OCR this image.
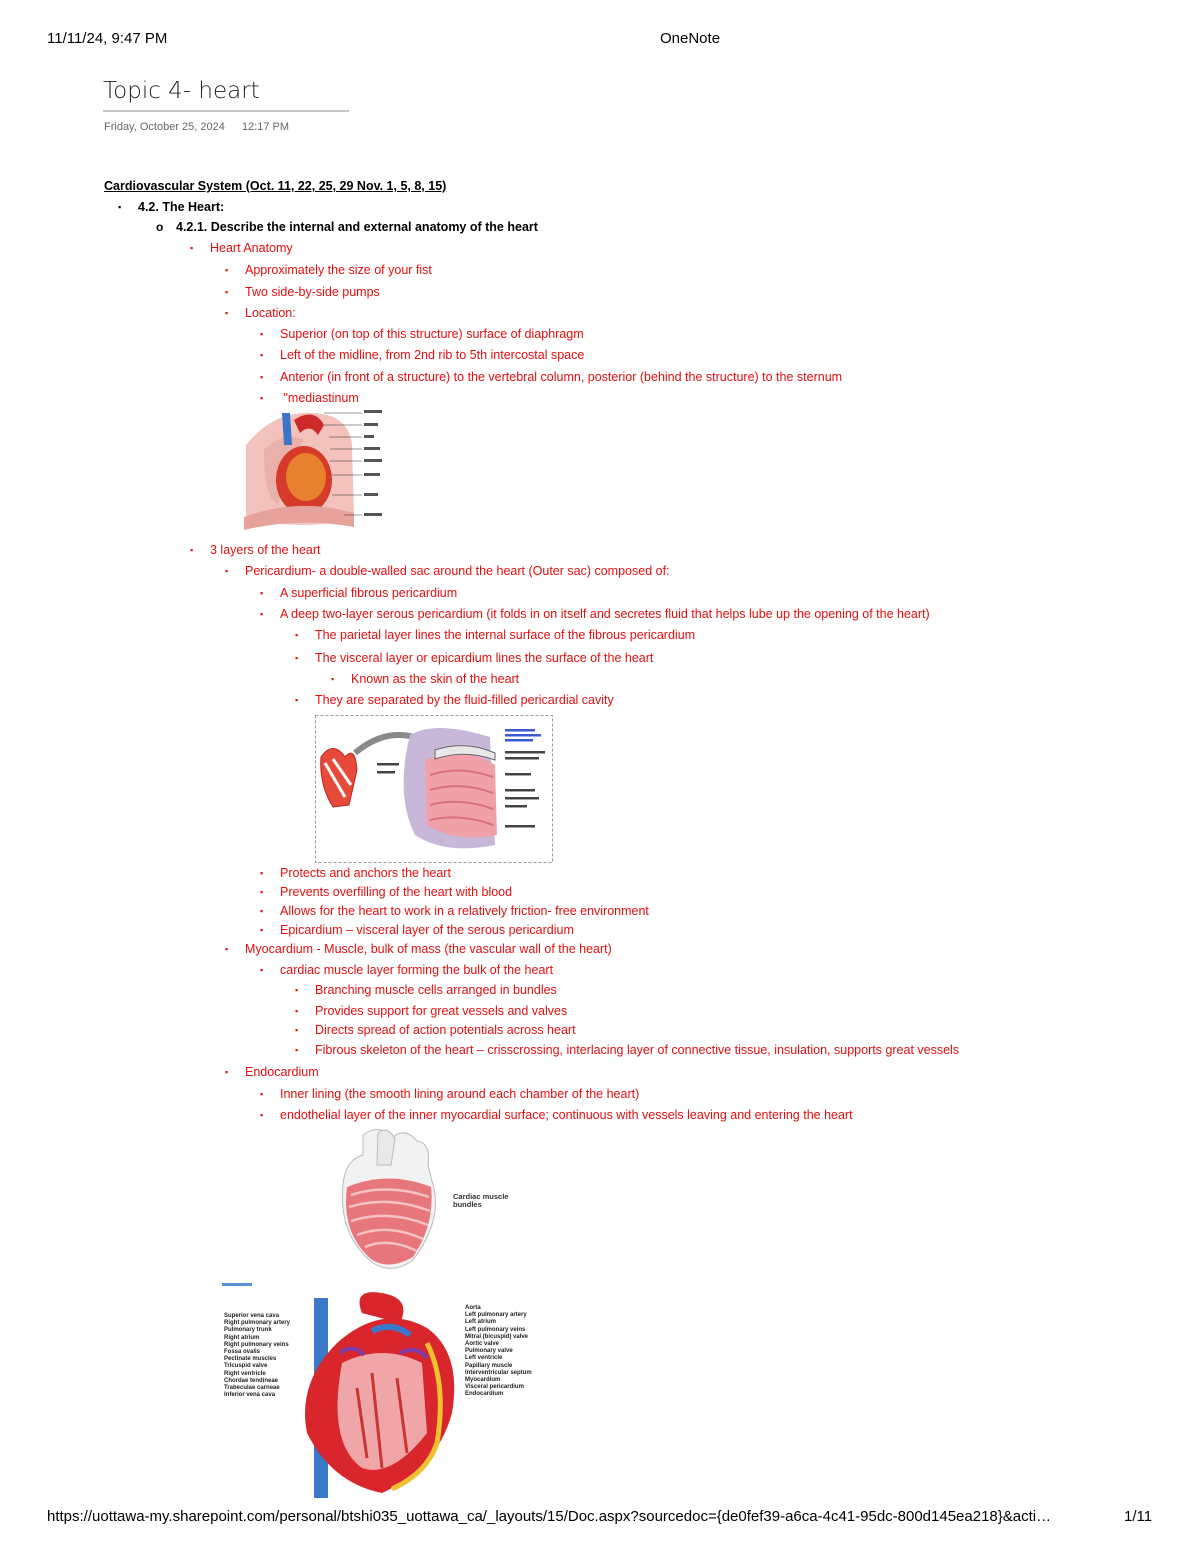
11/11/24, 9:47 PM	OneNote
Topic 4- heart
Friday, October 25, 2024 12:17 PM
Cardiovascular System (Oct. 11, 22, 25, 29 Nov. 1, 5, 8, 15)
▪ 4.2. The Heart:
o 4.2.1. Describe the internal and external anatomy of the heart
▪ Heart Anatomy
▪ Approximately the size of your fist
▪ Two side-by-side pumps
▪ Location:
▪ Superior (on top of this structure) surface of diaphragm
▪ Left of the midline, from 2nd rib to 5th intercostal space
▪ Anterior (in front of a structure) to the vertebral column, posterior (behind the structure) to the sternum
▪ "mediastinum
▪ 3 layers of the heart
▪ Pericardium- a double-walled sac around the heart (Outer sac) composed of:
▪ A superficial fibrous pericardium
▪ A deep two-layer serous pericardium (it folds in on itself and secretes fluid that helps lube up the opening of the heart)
▪ The parietal layer lines the internal surface of the fibrous pericardium
▪ The visceral layer or epicardium lines the surface of the heart
▪ Known as the skin of the heart
▪ They are separated by the fluid-filled pericardial cavity
▪ Protects and anchors the heart
▪ Prevents overfilling of the heart with blood
▪ Allows for the heart to work in a relatively friction- free environment
▪ Epicardium – visceral layer of the serous pericardium
▪ Myocardium - Muscle, bulk of mass (the vascular wall of the heart)
▪ cardiac muscle layer forming the bulk of the heart
▪ Branching muscle cells arranged in bundles
▪ Provides support for great vessels and valves
▪ Directs spread of action potentials across heart
▪ Fibrous skeleton of the heart – crisscrossing, interlacing layer of connective tissue, insulation, supports great vessels
▪ Endocardium
▪ Inner lining (the smooth lining around each chamber of the heart)
▪ endothelial layer of the inner myocardial surface; continuous with vessels leaving and entering the heart
Cardiac muscle bundles
Superior vena cava
Right pulmonary artery
Pulmonary trunk
Right atrium
Right pulmonary veins
Fossa ovalis
Pectinate muscles
Tricuspid valve
Right ventricle
Chordae tendineae
Trabeculae carneae
Inferior vena cava
Aorta
Left pulmonary artery
Left atrium
Left pulmonary veins
Mitral (bicuspid) valve
Aortic valve
Pulmonary valve
Left ventricle
Papillary muscle
Interventricular septum
Myocardium
Visceral pericardium
Endocardium
https://uottawa-my.sharepoint.com/personal/btshi035_uottawa_ca/_layouts/15/Doc.aspx?sourcedoc={de0fef39-a6ca-4c41-95dc-800d145ea218}&acti…	1/11
